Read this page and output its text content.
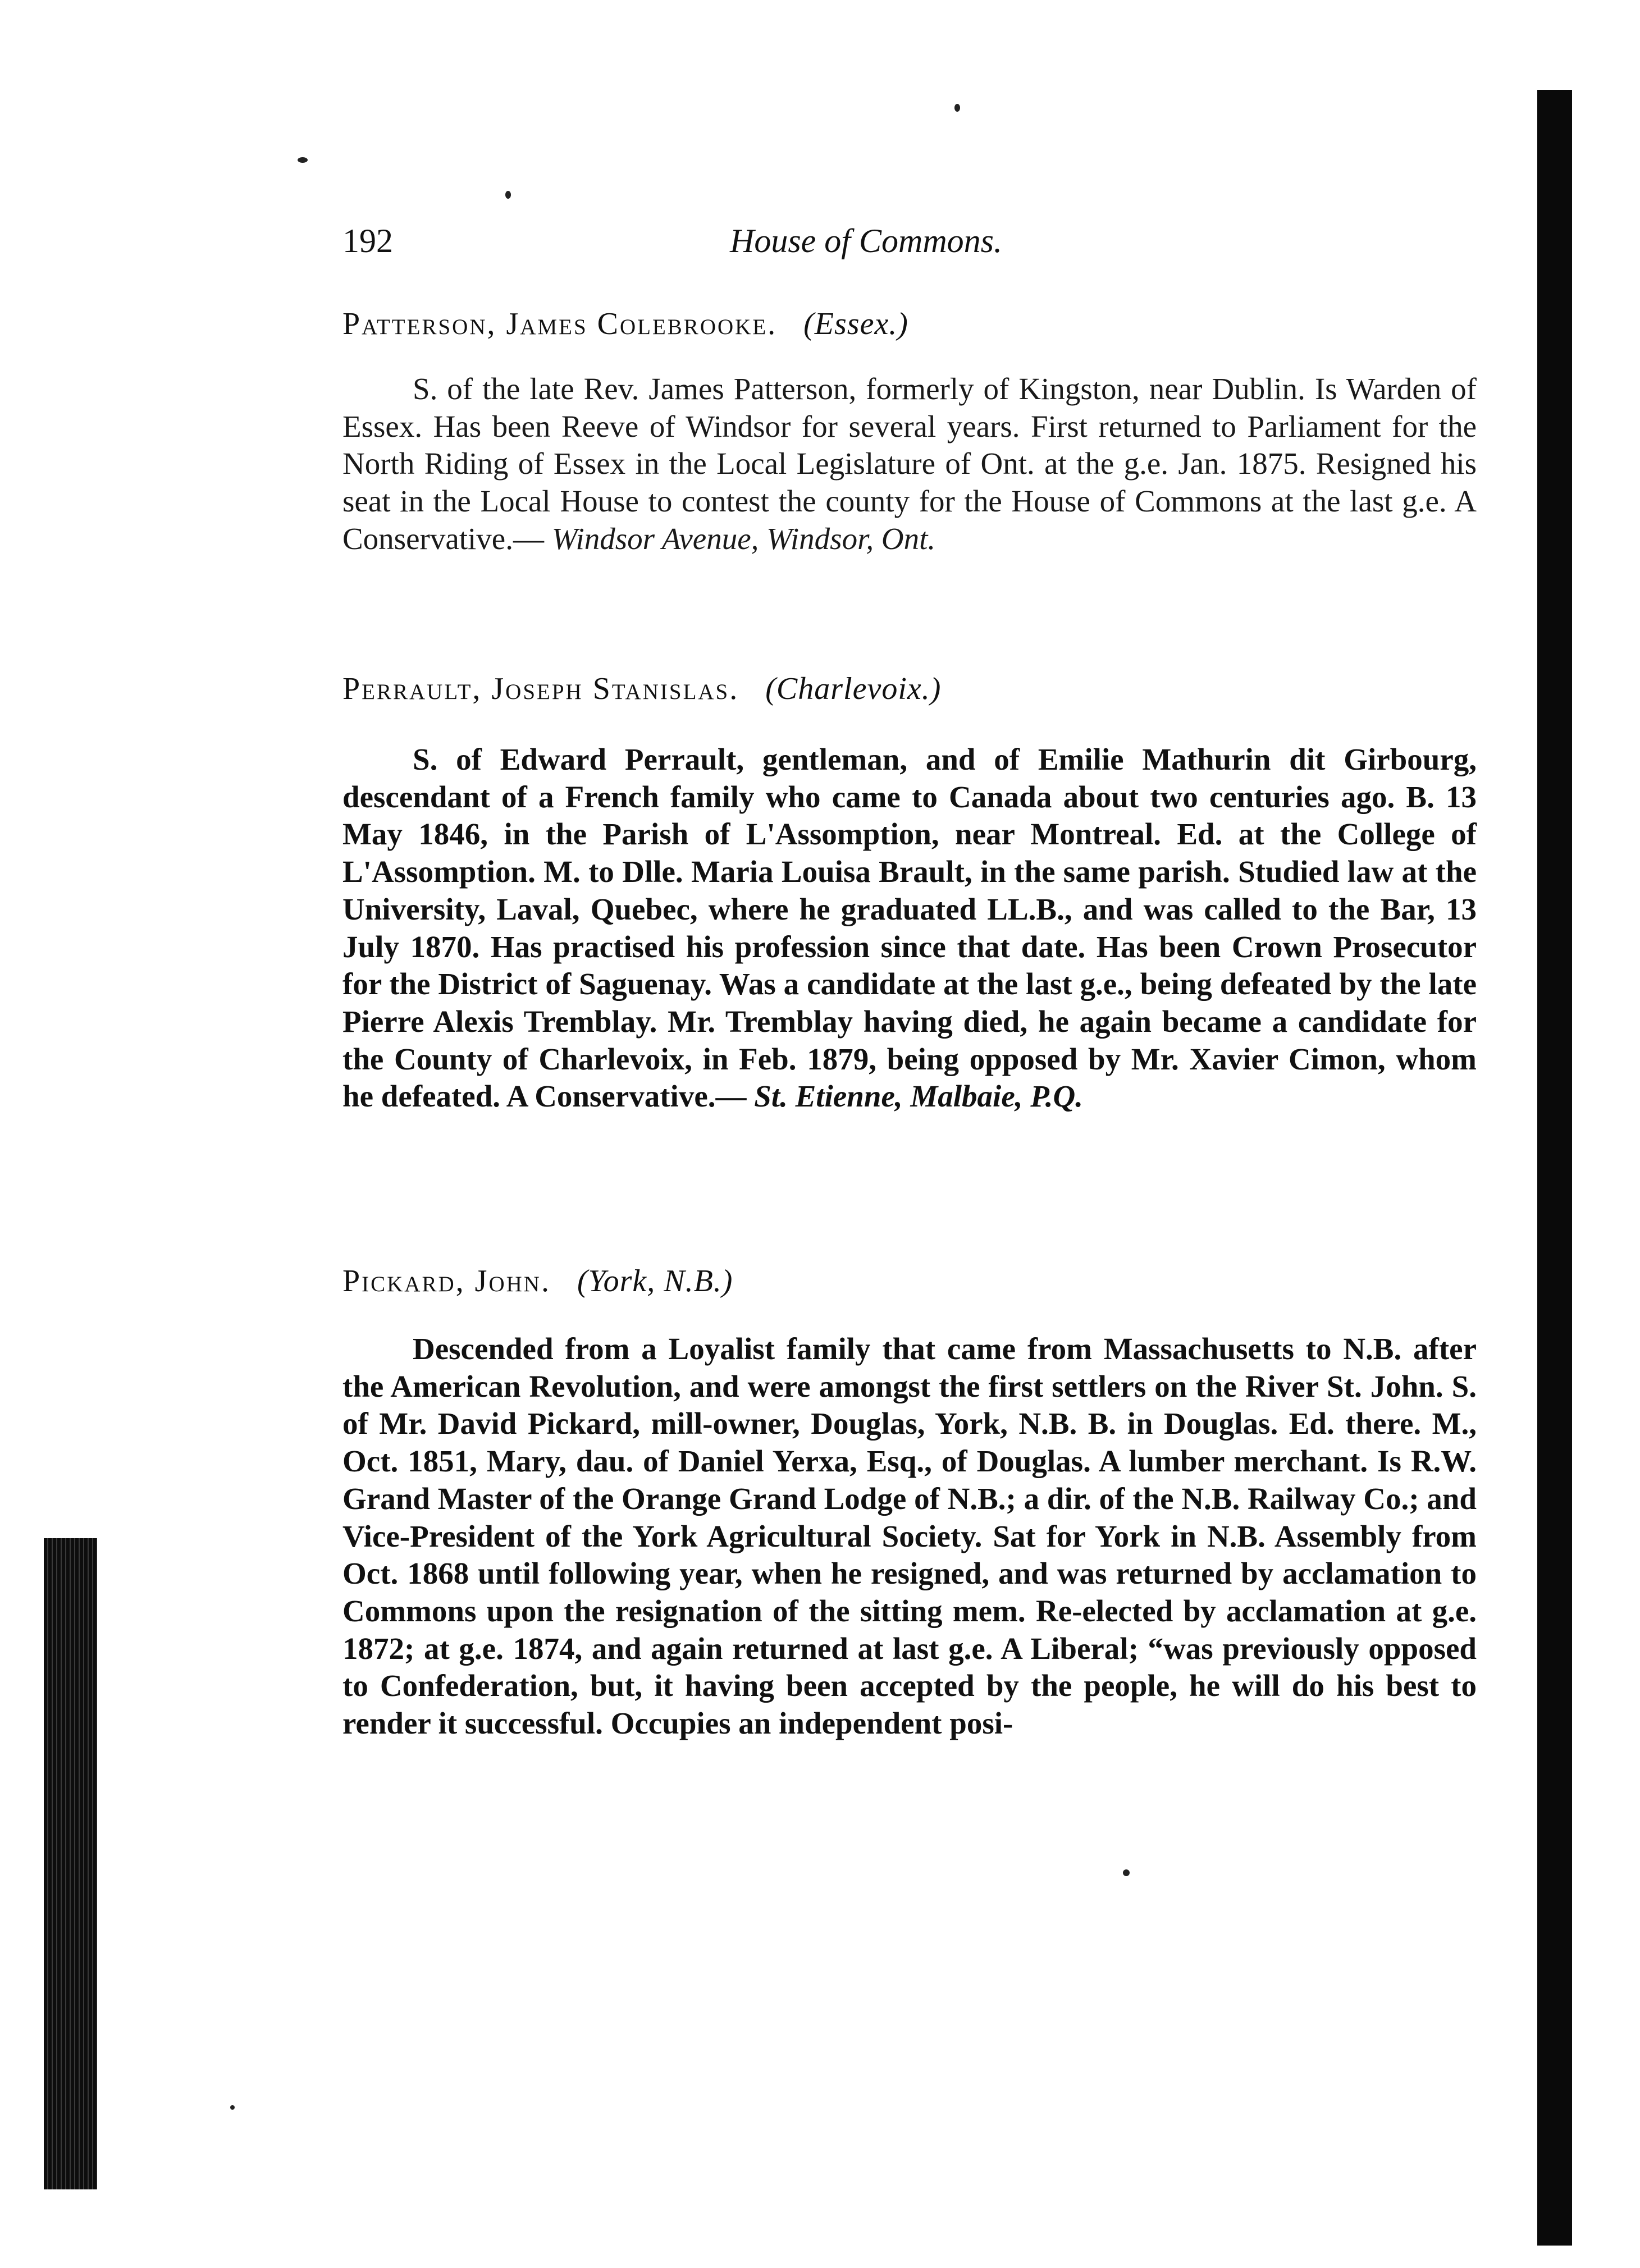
192	House of Commons.
Patterson, James Colebrooke. (Essex.)

S. of the late Rev. James Patterson, formerly of Kingston, near Dublin. Is Warden of Essex. Has been Reeve of Windsor for several years. First returned to Parliament for the North Riding of Essex in the Local Legislature of Ont. at the g.e. Jan. 1875. Resigned his seat in the Local House to contest the county for the House of Commons at the last g.e. A Conservative.— Windsor Avenue, Windsor, Ont.

Perrault, Joseph Stanislas. (Charlevoix.)

S. of Edward Perrault, gentleman, and of Emilie Mathurin dit Girbourg, descendant of a French family who came to Canada about two centuries ago. B. 13 May 1846, in the Parish of L'Assomption, near Montreal. Ed. at the College of L'Assomption. M. to Dlle. Maria Louisa Brault, in the same parish. Studied law at the University, Laval, Quebec, where he graduated LL.B., and was called to the Bar, 13 July 1870. Has practised his profession since that date. Has been Crown Prosecutor for the District of Saguenay. Was a candidate at the last g.e., being defeated by the late Pierre Alexis Tremblay. Mr. Tremblay having died, he again became a candidate for the County of Charlevoix, in Feb. 1879, being opposed by Mr. Xavier Cimon, whom he defeated. A Conservative.— St. Etienne, Malbaie, P.Q.

Pickard, John. (York, N.B.)

Descended from a Loyalist family that came from Massachusetts to N.B. after the American Revolution, and were amongst the first settlers on the River St. John. S. of Mr. David Pickard, mill-owner, Douglas, York, N.B. B. in Douglas. Ed. there. M., Oct. 1851, Mary, dau. of Daniel Yerxa, Esq., of Douglas. A lumber merchant. Is R.W. Grand Master of the Orange Grand Lodge of N.B.; a dir. of the N.B. Railway Co.; and Vice-President of the York Agricultural Society. Sat for York in N.B. Assembly from Oct. 1868 until following year, when he resigned, and was returned by acclamation to Commons upon the resignation of the sitting mem. Re-elected by acclamation at g.e. 1872; at g.e. 1874, and again returned at last g.e. A Liberal; “was previously opposed to Confederation, but, it having been accepted by the people, he will do his best to render it successful. Occupies an independent posi-
